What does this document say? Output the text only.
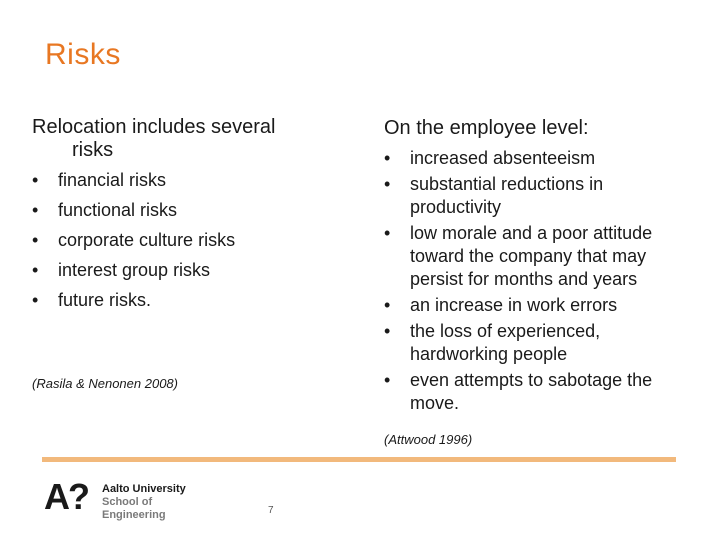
Risks
Relocation includes several
risks
• financial risks
• functional risks
• corporate culture risks
• interest group risks
• future risks.
(Rasila & Nenonen 2008)
On the employee level:
• increased absenteeism
• substantial reductions in productivity
• low morale and a poor attitude toward the company that may persist for months and years
• an increase in work errors
• the loss of experienced, hardworking people
• even attempts to sabotage the move.
(Attwood 1996)
A? Aalto University
School of Engineering	7
